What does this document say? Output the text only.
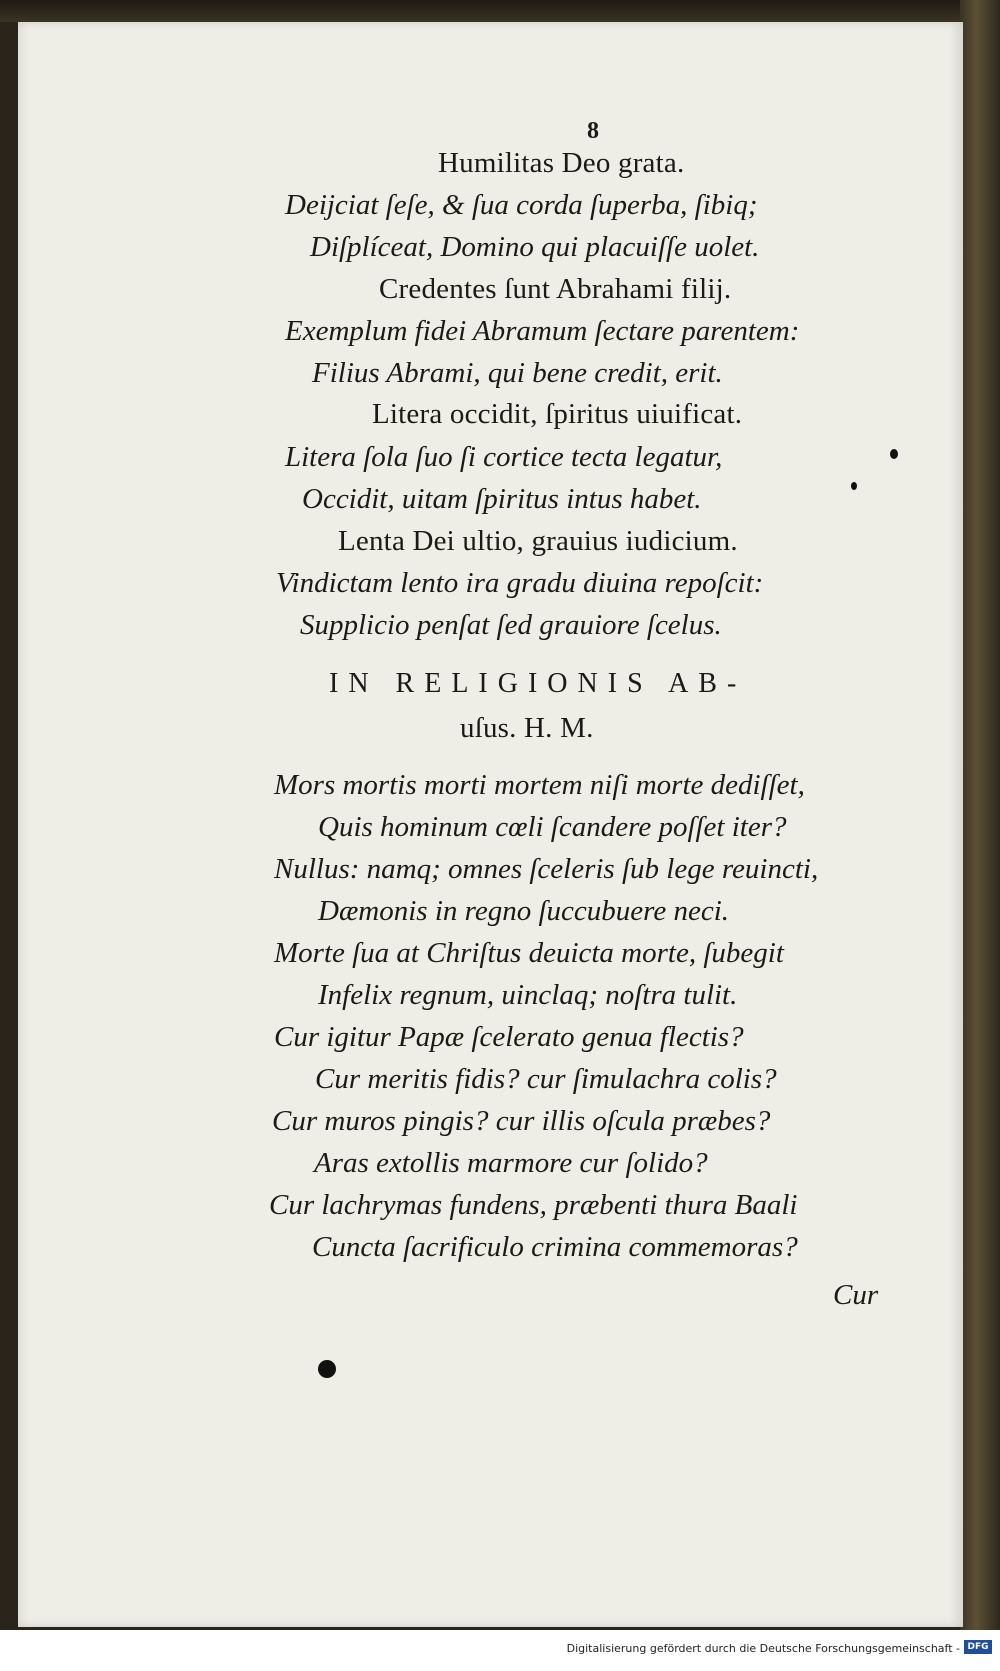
8
Humilitas Deo grata.
Deijciat ſeſe, & ſua corda ſuperba, ſibiq;
Diſplíceat, Domino qui placuiſſe uolet.
Credentes ſunt Abrahami filij.
Exemplum fidei Abramum ſectare parentem:
Filius Abrami, qui bene credit, erit.
Litera occidit, ſpiritus uiuificat.
Litera ſola ſuo ſi cortice tecta legatur,
Occidit, uitam ſpiritus intus habet.
Lenta Dei ultio, grauius iudicium.
Vindictam lento ira gradu diuina repoſcit:
Supplicio penſat ſed grauiore ſcelus.
IN RELIGIONIS AB-
uſus. H. M.
Mors mortis morti mortem niſi morte dediſſet,
Quis hominum cœli ſcandere poſſet iter?
Nullus: namq; omnes ſceleris ſub lege reuincti,
Dæmonis in regno ſuccubuere neci.
Morte ſua at Chriſtus deuicta morte, ſubegit
Infelix regnum, uinclaq; noſtra tulit.
Cur igitur Papæ ſcelerato genua flectis?
Cur meritis fidis? cur ſimulachra colis?
Cur muros pingis? cur illis oſcula præbes?
Aras extollis marmore cur ſolido?
Cur lachrymas fundens, præbenti thura Baali
Cuncta ſacrificulo crimina commemoras?
Cur
Digitalisierung gefördert durch die Deutsche Forschungsgemeinschaft - DFG
